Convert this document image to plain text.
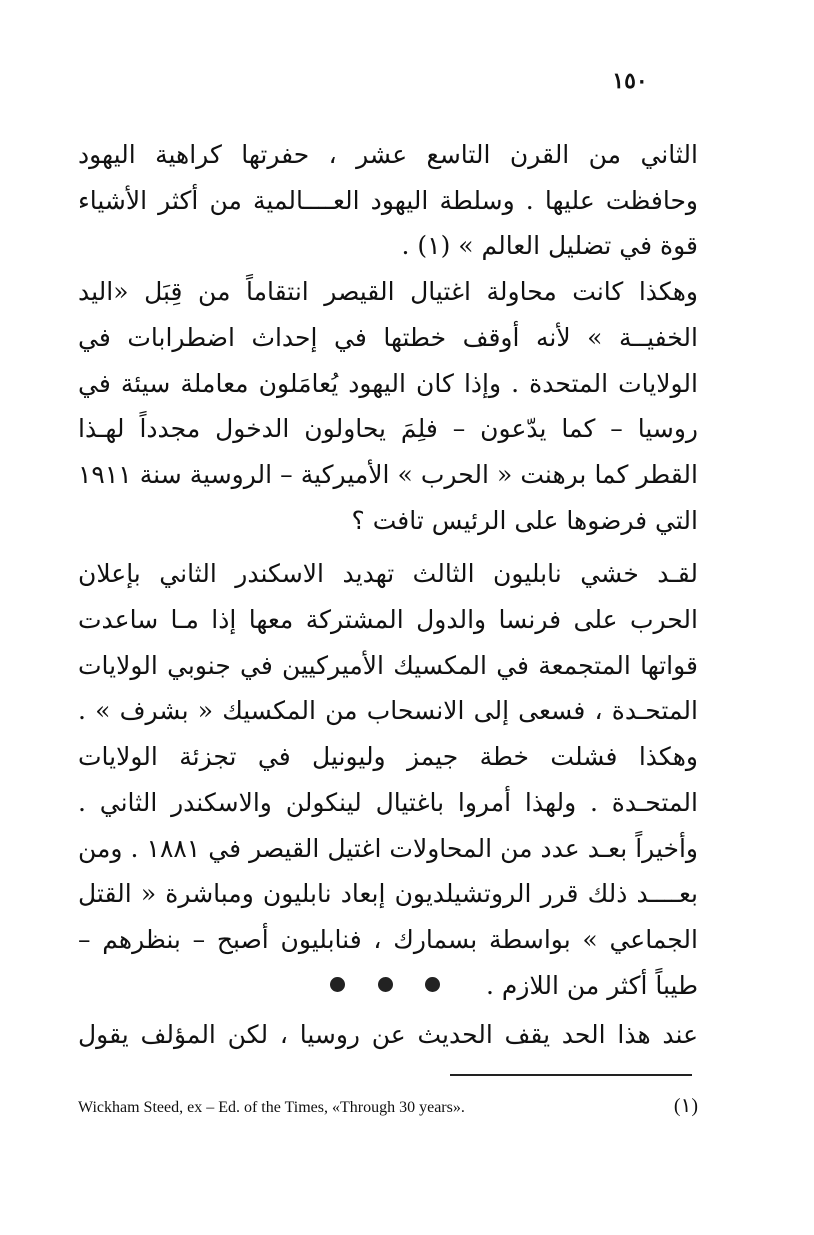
١٥٠

الثاني من القرن التاسع عشر ، حفرتها كراهية اليهود وحافظت عليها . وسلطة اليهود العــــالمية من أكثر الأشياء قوة في تضليل العالم » (١) .

وهكذا كانت محاولة اغتيال القيصر انتقاماً من قِبَل «اليد الخفيــة » لأنه أوقف خطتها في إحداث اضطرابات في الولايات المتحدة . وإذا كان اليهود يُعامَلون معاملة سيئة في روسيا – كما يدّعون – فلِمَ يحاولون الدخول مجدداً لهـذا القطر كما برهنت « الحرب » الأميركية – الروسية سنة ١٩١١ التي فرضوها على الرئيس تافت ؟

لقـد خشي نابليون الثالث تهديد الاسكندر الثاني بإعلان الحرب على فرنسا والدول المشتركة معها إذا مـا ساعدت قواتها المتجمعة في المكسيك الأميركيين في جنوبي الولايات المتحـدة ، فسعى إلى الانسحاب من المكسيك « بشرف » . وهكذا فشلت خطة جيمز وليونيل في تجزئة الولايات المتحـدة . ولهذا أمروا باغتيال لينكولن والاسكندر الثاني . وأخيراً بعـد عدد من المحاولات اغتيل القيصر في ١٨٨١ . ومن بعــــد ذلك قرر الروتشيلديون إبعاد نابليون ومباشرة « القتل الجماعي » بواسطة بسمارك ، فنابليون أصبح – بنظرهم – طيباً أكثر من اللازم .

عند هذا الحد يقف الحديث عن روسيا ، لكن المؤلف يقول
Wickham Steed, ex – Ed. of the Times, «Through 30 years».	(١)
